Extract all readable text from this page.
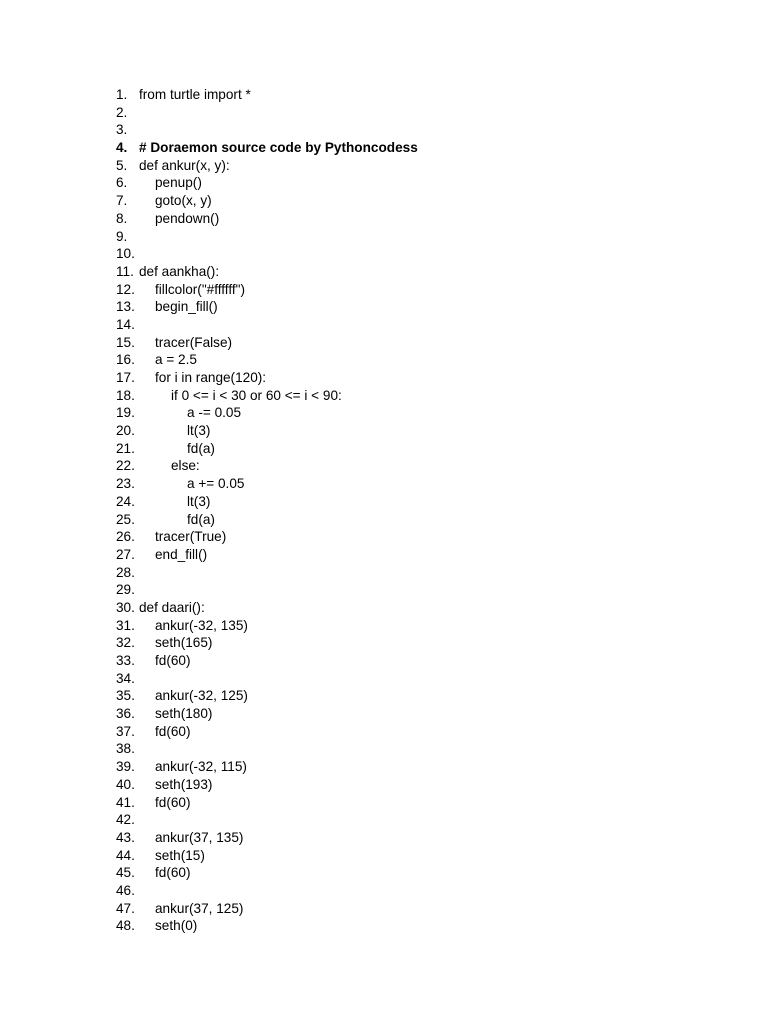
1. from turtle import *
2.
3.
4. # Doraemon source code by Pythoncodess
5. def ankur(x, y):
6. penup()
7. goto(x, y)
8. pendown()
9.
10.
11. def aankha():
12. fillcolor("#ffffff")
13. begin_fill()
14.
15. tracer(False)
16. a = 2.5
17. for i in range(120):
18.	if 0 <= i < 30 or 60 <= i < 90:
19.	a -= 0.05
20.	lt(3)
21.	fd(a)
22.	else:
23.	a += 0.05
24.	lt(3)
25.	fd(a)
26. tracer(True)
27. end_fill()
28.
29.
30. def daari():
31. ankur(-32, 135)
32. seth(165)
33. fd(60)
34.
35. ankur(-32, 125)
36. seth(180)
37. fd(60)
38.
39. ankur(-32, 115)
40. seth(193)
41. fd(60)
42.
43. ankur(37, 135)
44. seth(15)
45. fd(60)
46.
47. ankur(37, 125)
48. seth(0)
